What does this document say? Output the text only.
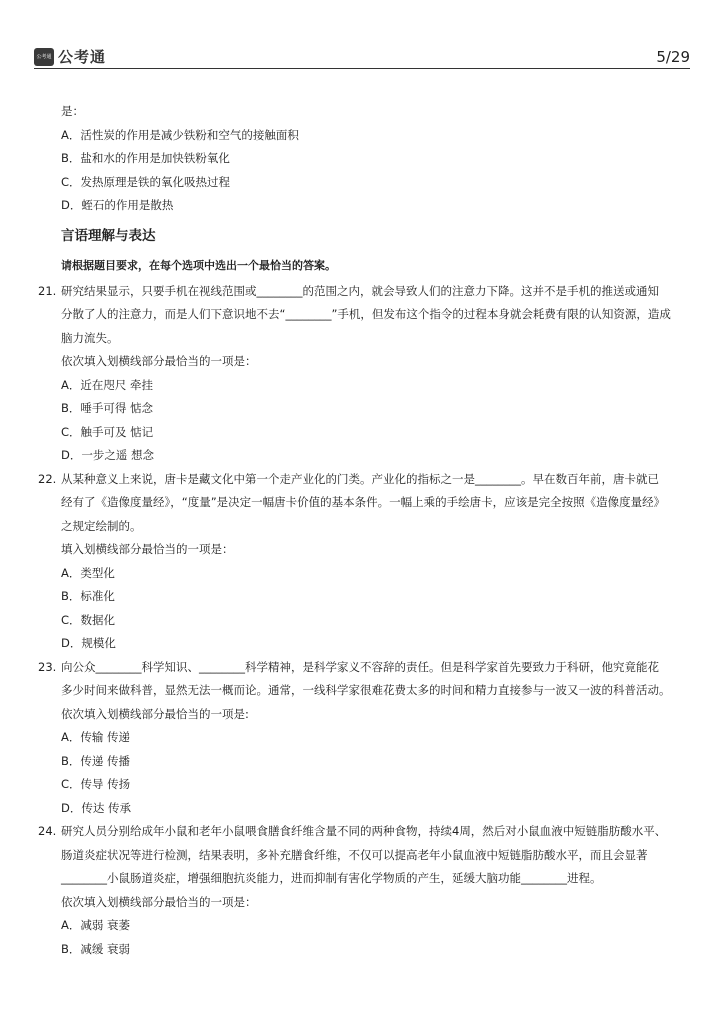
公考通 公考通	5/29
是：
A．活性炭的作用是减少铁粉和空气的接触面积
B．盐和水的作用是加快铁粉氧化
C．发热原理是铁的氧化吸热过程
D．蛭石的作用是散热
言语理解与表达
请根据题目要求，在每个选项中选出一个最恰当的答案。
21. 研究结果显示，只要手机在视线范围或________的范围之内，就会导致人们的注意力下降。这并不是手机的推送或通知
分散了人的注意力，而是人们下意识地不去“________”手机，但发布这个指令的过程本身就会耗费有限的认知资源，造成
脑力流失。
依次填入划横线部分最恰当的一项是：
A．近在咫尺 牵挂
B．唾手可得 惦念
C．触手可及 惦记
D．一步之遥 想念
22. 从某种意义上来说，唐卡是藏文化中第一个走产业化的门类。产业化的指标之一是________。早在数百年前，唐卡就已
经有了《造像度量经》，“度量”是决定一幅唐卡价值的基本条件。一幅上乘的手绘唐卡，应该是完全按照《造像度量经》
之规定绘制的。
填入划横线部分最恰当的一项是：
A．类型化
B．标准化
C．数据化
D．规模化
23. 向公众________科学知识、________科学精神，是科学家义不容辞的责任。但是科学家首先要致力于科研，他究竟能花
多少时间来做科普，显然无法一概而论。通常，一线科学家很难花费太多的时间和精力直接参与一波又一波的科普活动。
依次填入划横线部分最恰当的一项是:
A．传输 传递
B．传递 传播
C．传导 传扬
D．传达 传承
24. 研究人员分别给成年小鼠和老年小鼠喂食膳食纤维含量不同的两种食物，持续4周，然后对小鼠血液中短链脂肪酸水平、
肠道炎症状况等进行检测，结果表明，多补充膳食纤维，不仅可以提高老年小鼠血液中短链脂肪酸水平，而且会显著
________小鼠肠道炎症，增强细胞抗炎能力，进而抑制有害化学物质的产生，延缓大脑功能________进程。
依次填入划横线部分最恰当的一项是：
A．减弱 衰萎
B．减缓 衰弱
